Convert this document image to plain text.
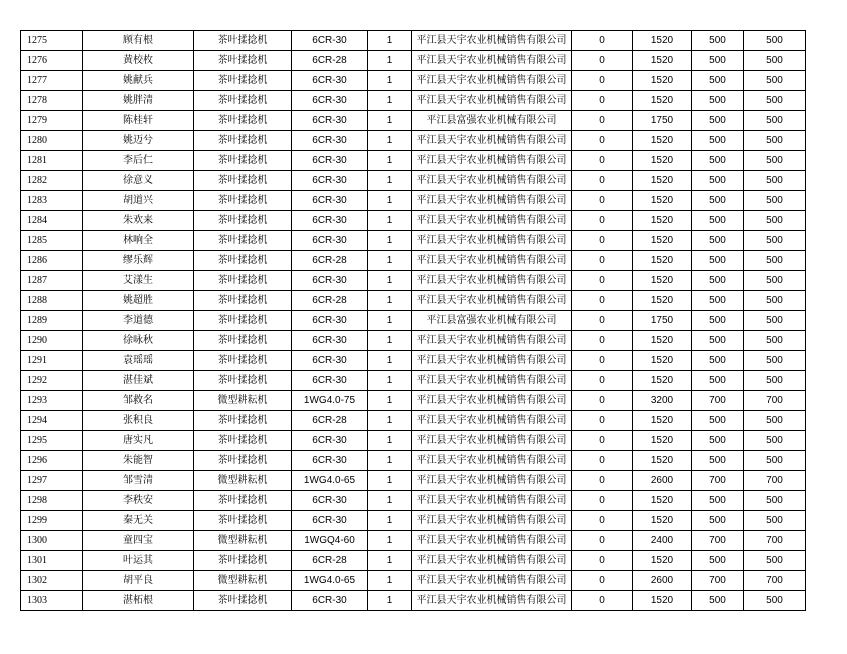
1275	顾有根	茶叶揉捻机	6CR-30	1	平江县天宇农业机械销售有限公司	0	1520	500	500
1276	黄校枚	茶叶揉捻机	6CR-28	1	平江县天宇农业机械销售有限公司	0	1520	500	500
1277	姚献兵	茶叶揉捻机	6CR-30	1	平江县天宇农业机械销售有限公司	0	1520	500	500
1278	姚胖清	茶叶揉捻机	6CR-30	1	平江县天宇农业机械销售有限公司	0	1520	500	500
1279	陈桂轩	茶叶揉捻机	6CR-30	1	平江县富强农业机械有限公司	0	1750	500	500
1280	姚迈兮	茶叶揉捻机	6CR-30	1	平江县天宇农业机械销售有限公司	0	1520	500	500
1281	李后仁	茶叶揉捻机	6CR-30	1	平江县天宇农业机械销售有限公司	0	1520	500	500
1282	徐意义	茶叶揉捻机	6CR-30	1	平江县天宇农业机械销售有限公司	0	1520	500	500
1283	胡道兴	茶叶揉捻机	6CR-30	1	平江县天宇农业机械销售有限公司	0	1520	500	500
1284	朱欢来	茶叶揉捻机	6CR-30	1	平江县天宇农业机械销售有限公司	0	1520	500	500
1285	林响全	茶叶揉捻机	6CR-30	1	平江县天宇农业机械销售有限公司	0	1520	500	500
1286	缪乐辉	茶叶揉捻机	6CR-28	1	平江县天宇农业机械销售有限公司	0	1520	500	500
1287	艾漾生	茶叶揉捻机	6CR-30	1	平江县天宇农业机械销售有限公司	0	1520	500	500
1288	姚超胜	茶叶揉捻机	6CR-28	1	平江县天宇农业机械销售有限公司	0	1520	500	500
1289	李道德	茶叶揉捻机	6CR-30	1	平江县富强农业机械有限公司	0	1750	500	500
1290	徐咏秋	茶叶揉捻机	6CR-30	1	平江县天宇农业机械销售有限公司	0	1520	500	500
1291	袁瑶瑶	茶叶揉捻机	6CR-30	1	平江县天宇农业机械销售有限公司	0	1520	500	500
1292	湛佳斌	茶叶揉捻机	6CR-30	1	平江县天宇农业机械销售有限公司	0	1520	500	500
1293	邹救名	微型耕耘机	1WG4.0-75	1	平江县天宇农业机械销售有限公司	0	3200	700	700
1294	张积良	茶叶揉捻机	6CR-28	1	平江县天宇农业机械销售有限公司	0	1520	500	500
1295	唐实凡	茶叶揉捻机	6CR-30	1	平江县天宇农业机械销售有限公司	0	1520	500	500
1296	朱能智	茶叶揉捻机	6CR-30	1	平江县天宇农业机械销售有限公司	0	1520	500	500
1297	邹雪清	微型耕耘机	1WG4.0-65	1	平江县天宇农业机械销售有限公司	0	2600	700	700
1298	李秩安	茶叶揉捻机	6CR-30	1	平江县天宇农业机械销售有限公司	0	1520	500	500
1299	秦无关	茶叶揉捻机	6CR-30	1	平江县天宇农业机械销售有限公司	0	1520	500	500
1300	童四宝	微型耕耘机	1WGQ4-60	1	平江县天宇农业机械销售有限公司	0	2400	700	700
1301	叶运其	茶叶揉捻机	6CR-28	1	平江县天宇农业机械销售有限公司	0	1520	500	500
1302	胡平良	微型耕耘机	1WG4.0-65	1	平江县天宇农业机械销售有限公司	0	2600	700	700
1303	湛柘根	茶叶揉捻机	6CR-30	1	平江县天宇农业机械销售有限公司	0	1520	500	500
